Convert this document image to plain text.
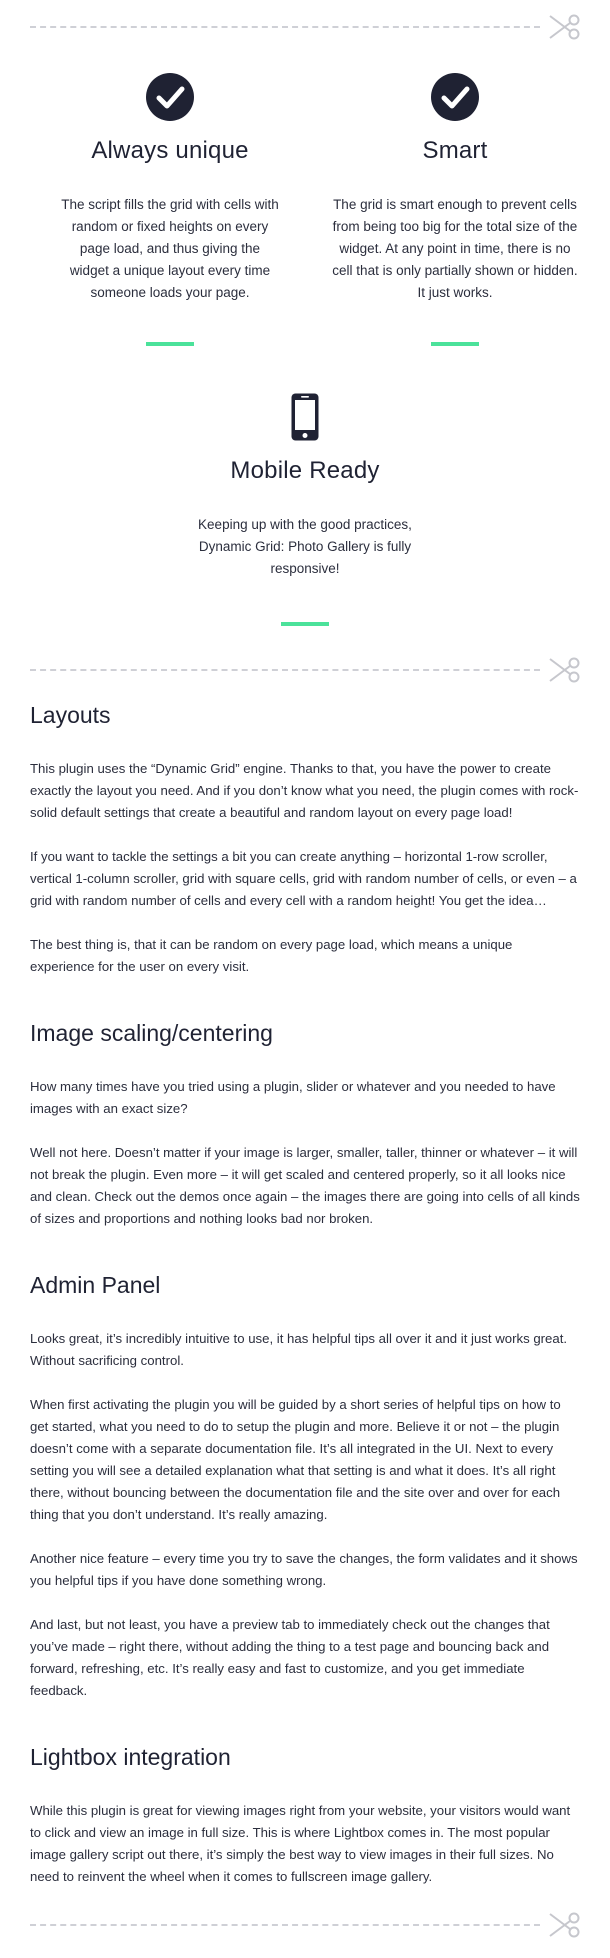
Always unique

The script fills the grid with cells with random or fixed heights on every page load, and thus giving the widget a unique layout every time someone loads your page.

Smart

The grid is smart enough to prevent cells from being too big for the total size of the widget. At any point in time, there is no cell that is only partially shown or hidden. It just works.

Mobile Ready

Keeping up with the good practices, Dynamic Grid: Photo Gallery is fully responsive!

Layouts

This plugin uses the “Dynamic Grid” engine. Thanks to that, you have the power to create exactly the layout you need. And if you don’t know what you need, the plugin comes with rock-solid default settings that create a beautiful and random layout on every page load!

If you want to tackle the settings a bit you can create anything – horizontal 1-row scroller, vertical 1-column scroller, grid with square cells, grid with random number of cells, or even – a grid with random number of cells and every cell with a random height! You get the idea…

The best thing is, that it can be random on every page load, which means a unique experience for the user on every visit.

Image scaling/centering

How many times have you tried using a plugin, slider or whatever and you needed to have images with an exact size?

Well not here. Doesn’t matter if your image is larger, smaller, taller, thinner or whatever – it will not break the plugin. Even more – it will get scaled and centered properly, so it all looks nice and clean. Check out the demos once again – the images there are going into cells of all kinds of sizes and proportions and nothing looks bad nor broken.

Admin Panel

Looks great, it’s incredibly intuitive to use, it has helpful tips all over it and it just works great. Without sacrificing control.

When first activating the plugin you will be guided by a short series of helpful tips on how to get started, what you need to do to setup the plugin and more. Believe it or not – the plugin doesn’t come with a separate documentation file. It’s all integrated in the UI. Next to every setting you will see a detailed explanation what that setting is and what it does. It’s all right there, without bouncing between the documentation file and the site over and over for each thing that you don’t understand. It’s really amazing.

Another nice feature – every time you try to save the changes, the form validates and it shows you helpful tips if you have done something wrong.

And last, but not least, you have a preview tab to immediately check out the changes that you’ve made – right there, without adding the thing to a test page and bouncing back and forward, refreshing, etc. It’s really easy and fast to customize, and you get immediate feedback.

Lightbox integration

While this plugin is great for viewing images right from your website, your visitors would want to click and view an image in full size. This is where Lightbox comes in. The most popular image gallery script out there, it’s simply the best way to view images in their full sizes. No need to reinvent the wheel when it comes to fullscreen image gallery.
